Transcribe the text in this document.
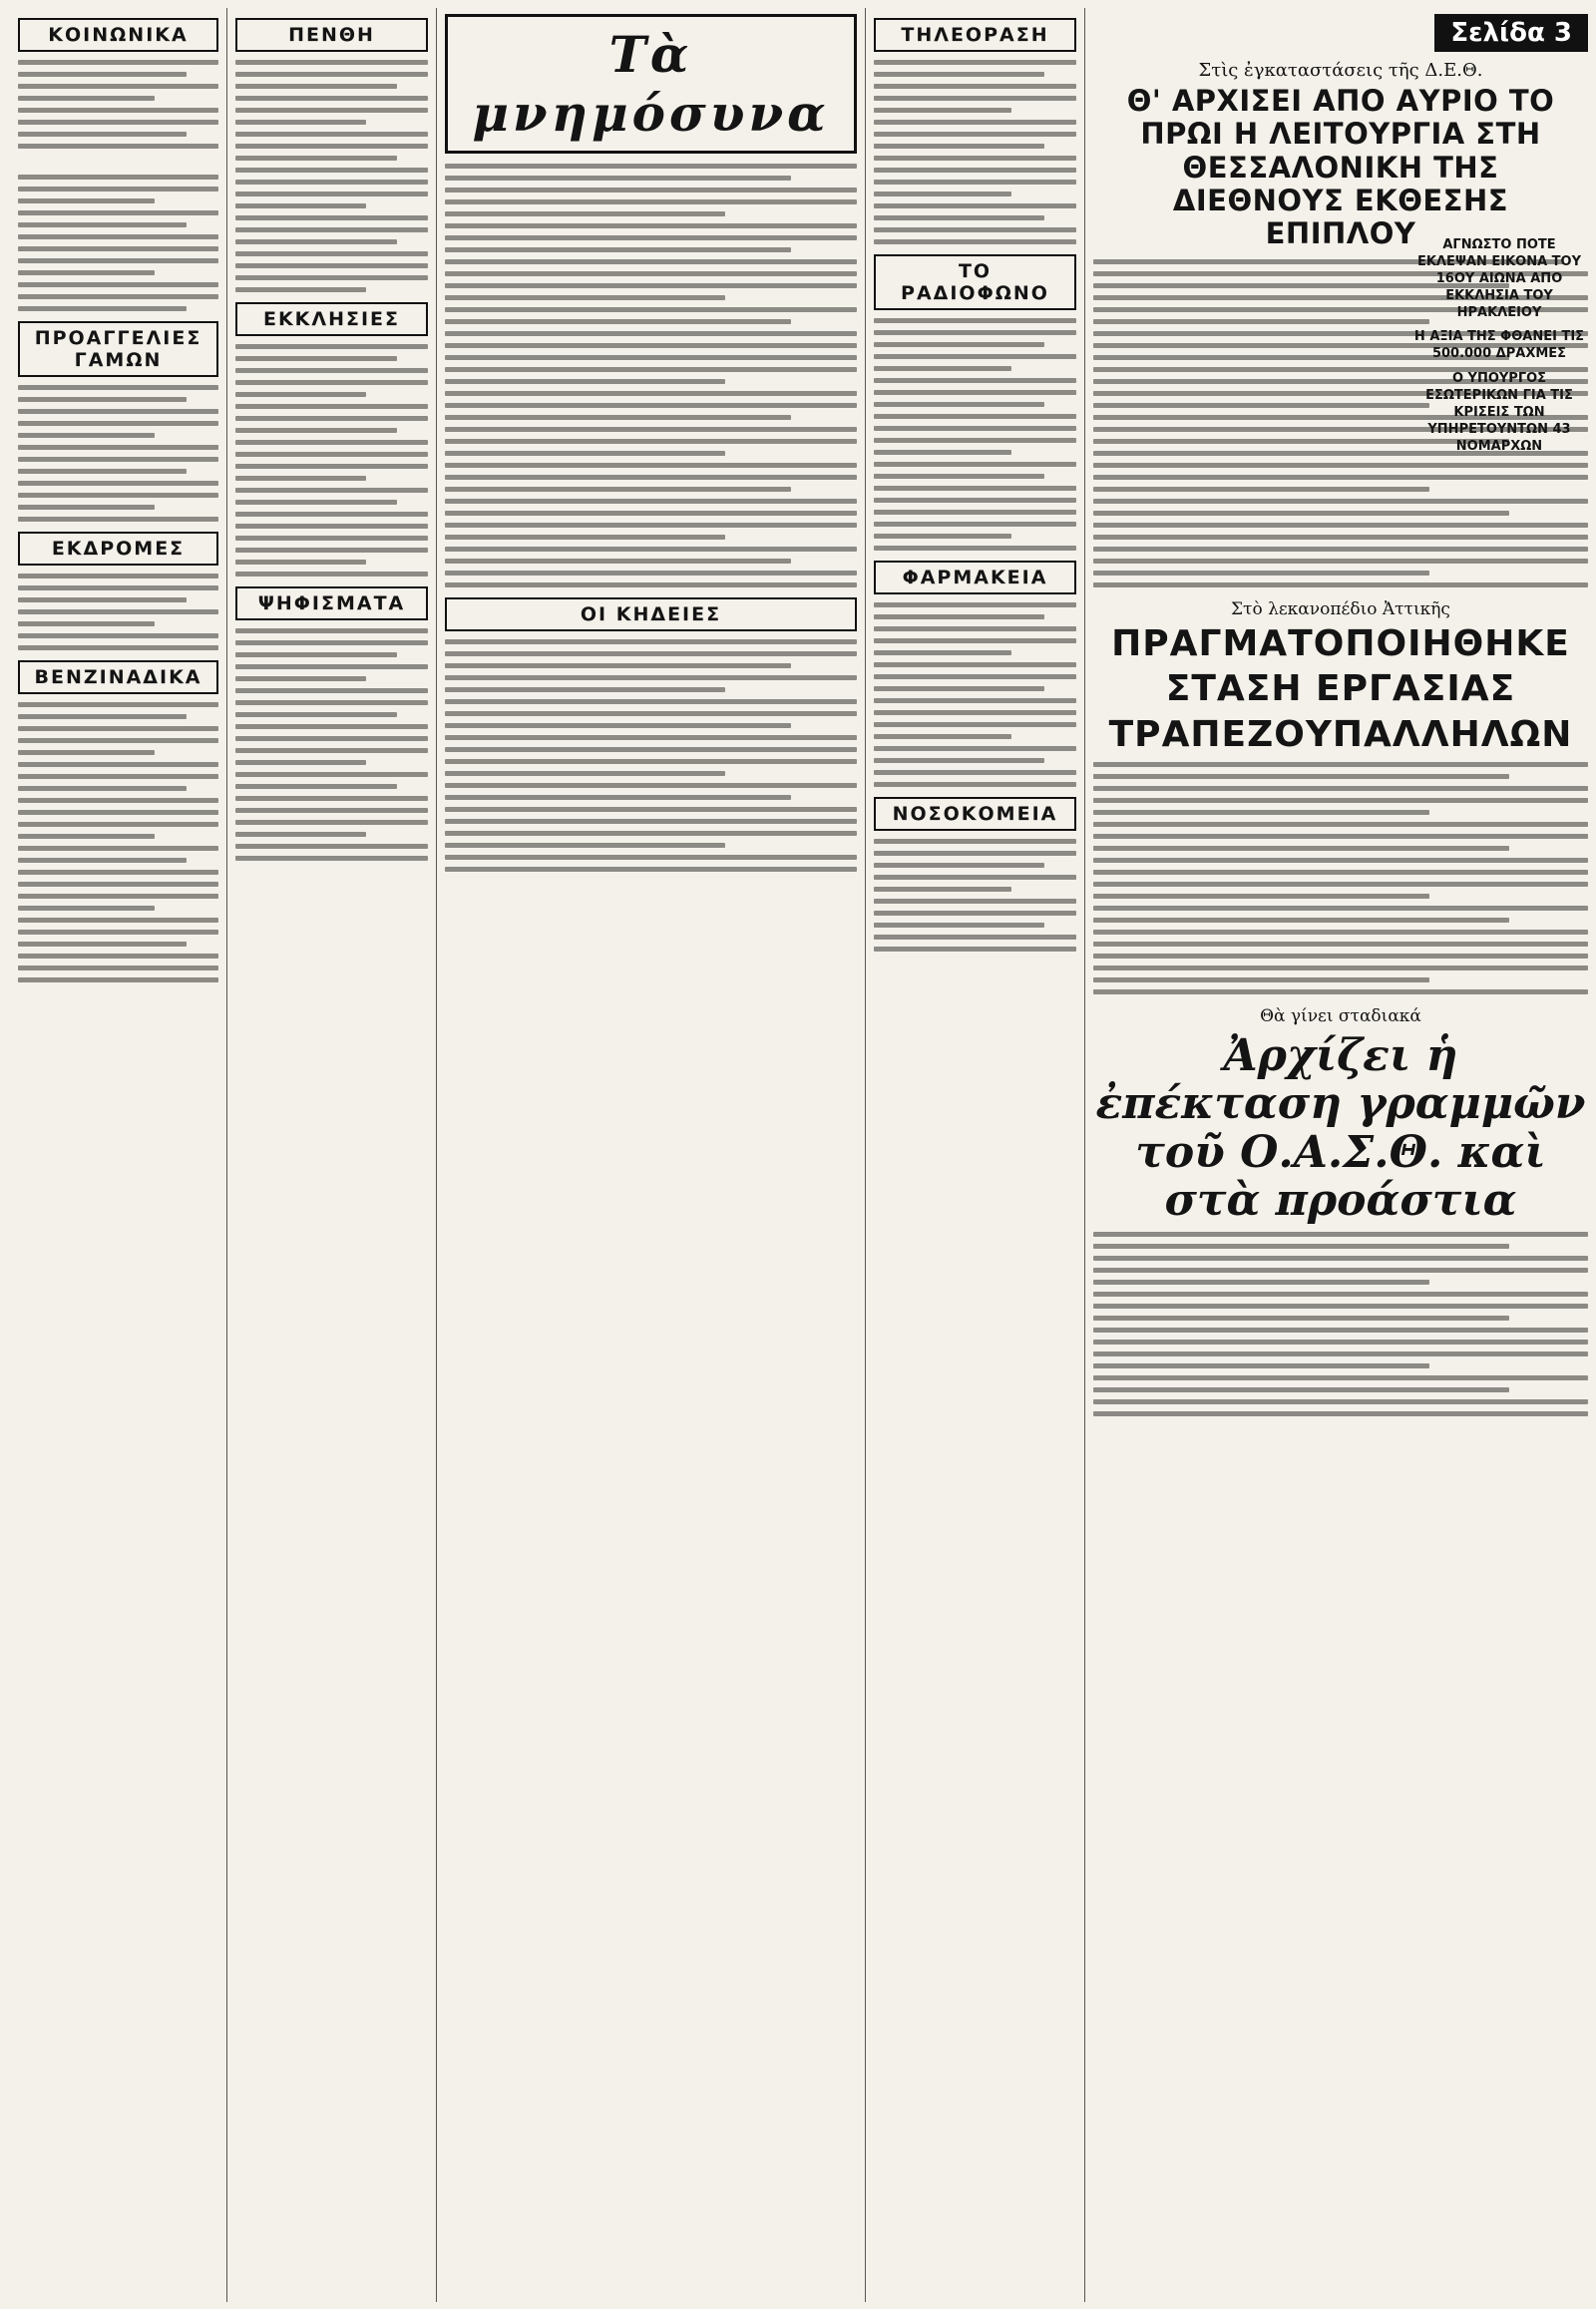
ΚΟΙΝΩΝΙΚΑ
ΠΡΟΑΓΓΕΛΙΕΣ ΓΑΜΩΝ
ΕΚΔΡΟΜΕΣ
ΒΕΝΖΙΝΑΔΙΚΑ
ΠΕΝΘΗ
ΕΚΚΛΗΣΙΕΣ
ΨΗΦΙΣΜΑΤΑ
Τὰ μνημόσυνα
ΟΙ ΚΗΔΕΙΕΣ
ΤΗΛΕΟΡΑΣΗ
ΤΟ ΡΑΔΙΟΦΩΝΟ
ΦΑΡΜΑΚΕΙΑ
ΝΟΣΟΚΟΜΕΙΑ
Σελίδα 3
Στὶς ἐγκαταστάσεις τῆς Δ.Ε.Θ.
Θ' ΑΡΧΙΣΕΙ ΑΠΟ ΑΥΡΙΟ ΤΟ ΠΡΩΙ Η ΛΕΙΤΟΥΡΓΙΑ ΣΤΗ ΘΕΣΣΑΛΟΝΙΚΗ ΤΗΣ ΔΙΕΘΝΟΥΣ ΕΚΘΕΣΗΣ ΕΠΙΠΛΟΥ
Στὸ λεκανοπέδιο Ἀττικῆς
ΠΡΑΓΜΑΤΟΠΟΙΗΘΗΚΕ
ΣΤΑΣΗ ΕΡΓΑΣΙΑΣ
ΤΡΑΠΕΖΟΥΠΑΛΛΗΛΩΝ
Θὰ γίνει σταδιακά
Ἀρχίζει ἡ ἐπέκταση γραμμῶν τοῦ Ο.Α.Σ.Θ. καὶ στὰ προάστια
ΑΓΝΩΣΤΟ ΠΟΤΕ ΕΚΛΕΨΑΝ ΕΙΚΟΝΑ ΤΟΥ 16ΟΥ ΑΙΩΝΑ ΑΠΟ ΕΚΚΛΗΣΙΑ ΤΟΥ ΗΡΑΚΛΕΙΟΥ
Η ΑΞΙΑ ΤΗΣ ΦΘΑΝΕΙ ΤΙΣ 500.000 ΔΡΑΧΜΕΣ
Ο ΥΠΟΥΡΓΟΣ ΕΣΩΤΕΡΙΚΩΝ ΓΙΑ ΤΙΣ ΚΡΙΣΕΙΣ ΤΩΝ ΥΠΗΡΕΤΟΥΝΤΩΝ 43 ΝΟΜΑΡΧΩΝ
